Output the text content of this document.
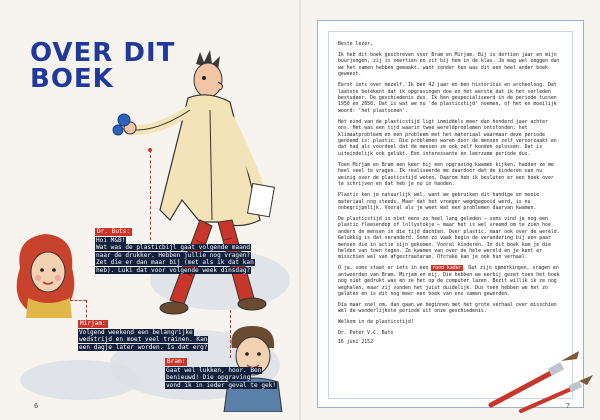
OVER DIT
BOEK
Dr. Buts:
Hoi M&B!
Wat was de plasticbijl gaat volgende maand
naar de drukker. Hebben jullie nog vragen?
Zet die er dan maar bij (met als ik dat kan
heb). Luki dat voor volgende week dinsdag?
Mirjam:
Volgend weekend een belangrijke
wedstrijd en moet veel trainen. Kan
een dagje later worden. Is dat erg?
Bram:
Gaat wel lukken, hoor. Ben
benieuwd! Die opgraving
vond ik in ieder geval te gek!
6

Beste lezer,

Ik heb dit boek geschreven voor Bram en Mirjam. Bij is dertien jaar en mijn buurjongen, zij is veertien en zit bij hem in de klas. Je mag wel zeggen dat we het samen hebben gemaakt, want zonder hen was dit een heel ander boek geweest.

Eerst iets over mezelf. Ik ben 42 jaar en ben historicus en archeoloog. Dat laatste betekent dat ik opgravingen doe en het eerste dat ik het verleden bestudeer. De geschiedenis dus. Ik ben gespecialiseerd in de periode tussen 1950 en 2050. Dat is wat we nu 'de plasticstijd' noemen, of het en moeilijk woord: 'het plastoceen'.

Het eind van de plasticstijd ligt inmiddels meer dan honderd jaar achter ons. Het was een tijd waarin twee wereldproblemen ontstonden: het klimaatprobleem en een probleem met het materiaal waarmaar deze periode genoemd is: plastic. Die problemen waren door de mensen zelf veroorzaakt en dat had als voordeel dat de mensen ze ook zelf konden oplossen. Dat is uiteindelijk ook gelukt. Een interessante en leerzame periode dus.

Toen Mirjam en Bram een keer bij een opgraving kwamen kijken, hadden ze me heel veel te vragen. Ik realiseerde me daardoor dat de kinderen van nu weinig over de plasticstijd weten. Daarom heb ik besloten er een boek over te schrijven en dat heb je nu in handen.

Plastic ken je natuurlijk wel, want we gebruiken dit handige en mooie materiaal nog steeds. Maar dat het vroeger wegdgegooid werd, is nu onbegrijpelijk. Vooral als je weet wat een problemen daarvan kwamen.

De plasticstijd is niet eens zo heel lang geleden – soms vind je nog een plastic fleesendop of lollystokje – maar het is wel vreemd om te zien hoe anders de mensen in die tijd dachten. Over plastic, maar ook over de wereld. Gelukkig is dat veranderd. Soms zo vaak begin de verandering bij een paar mensen die in actie zijn gekomen. Vooral kinderen. In dit boek kom je die helden van toen tegen. Ze kwamen van over de hele wereld en je kent er misschien wel van afgestraatarum. Ofcrake kan je ook hun verhaal.

O ja, soms staat er iets in een rood kader. Dat zijn opmerkingen, vragen en antwoorden van Bram, Mirjam en mij. Die hebben we eerbij gezet toen het boek nog niet gedrukt was en ze het op de computer lazen. Bezit willik ik ze nog weghalen, maar zij vonden het juist duidelijk. Dus toen hebben we het zo gelaten en is dit nog meer een boek van ons samen geworden.

Dia maar snel om, dan gaan we beginnen met het grote verhaal over misschien wel de wonderlijkste periode uit onze geschiedenis.

Welkom in de plasticstijd!

Dr. Peter V.C. Buts

16 juni 2152

7
